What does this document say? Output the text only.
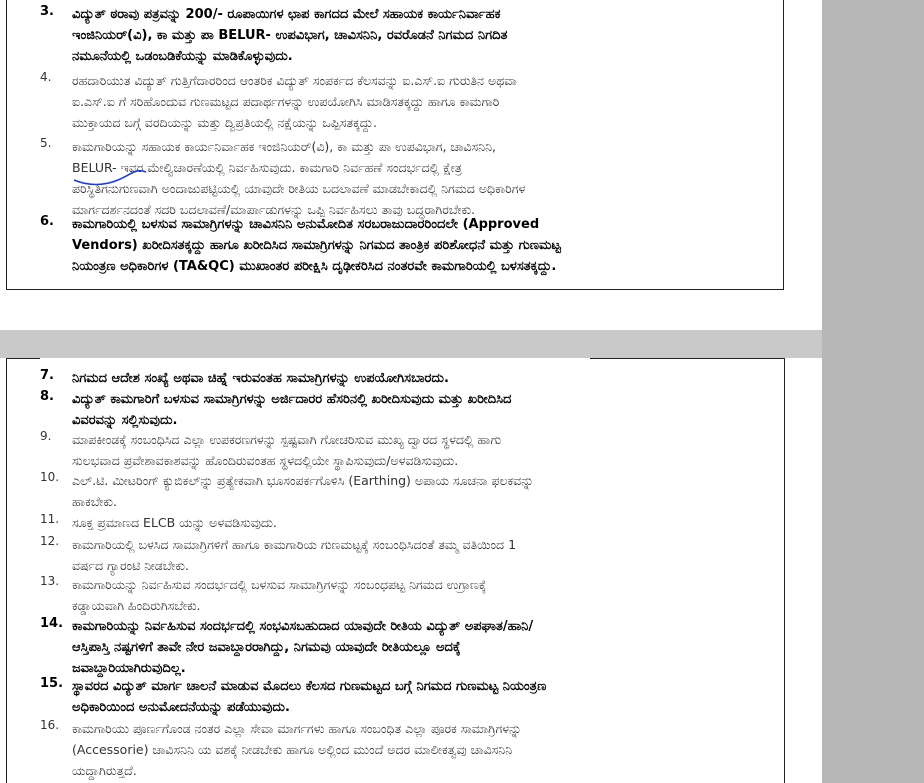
3. ವಿದ್ಯುತ್ ಠರಾವು ಪತ್ರವನ್ನು 200/- ರೂಪಾಯಿಗಳ ಛಾಪ ಕಾಗದದ ಮೇಲೆ ಸಹಾಯಕ ಕಾರ್ಯನಿರ್ವಾಹಕ
ಇಂಜಿನಿಯರ್(ವಿ), ಕಾ ಮತ್ತು ಪಾ BELUR- ಉಪವಿಭಾಗ, ಚಾವಿಸನಿನಿ, ರವರೊಡನೆ ನಿಗಮದ ನಿಗದಿತ
ನಮೂನೆಯಲ್ಲಿ ಒಡಂಬಡಿಕೆಯನ್ನು ಮಾಡಿಕೊಳ್ಳುವುದು.
4. ರಹದಾರಿಯುತ ವಿದ್ಯುತ್ ಗುತ್ತಿಗೆದಾರರಿಂದ ಆಂತರಿಕ ವಿದ್ಯುತ್ ಸಂಪರ್ಕದ ಕೆಲಸವನ್ನು ಐ.ಎಸ್.ಐ ಗುರುತಿನ ಅಥವಾ
ಐ.ಎಸ್.ಐ ಗೆ ಸರಿಹೊಂದುವ ಗುಣಮಟ್ಟದ ಪದಾರ್ಥಗಳನ್ನು ಉಪಯೋಗಿಸಿ ಮಾಡಿಸತಕ್ಕದ್ದು ಹಾಗೂ ಕಾಮಗಾರಿ
ಮುಕ್ತಾಯದ ಬಗ್ಗೆ ವರದಿಯನ್ನು ಮತ್ತು ದ್ವಿಪ್ರತಿಯಲ್ಲಿ ನಕ್ಷೆಯನ್ನು ಒಪ್ಪಿಸತಕ್ಕದ್ದು.
5. ಕಾಮಗಾರಿಯನ್ನು ಸಹಾಯಕ ಕಾರ್ಯನಿರ್ವಾಹಕ ಇಂಜಿನಿಯರ್(ವಿ), ಕಾ ಮತ್ತು ಪಾ ಉಪವಿಭಾಗ, ಚಾವಿಸನಿನಿ,
BELUR- ಇವರ ಮೇಲ್ವಿಚಾರಣೆಯಲ್ಲಿ ನಿರ್ವಹಿಸುವುದು. ಕಾಮಗಾರಿ ನಿರ್ವಹಣೆ ಸಂದರ್ಭದಲ್ಲಿ ಕ್ಷೇತ್ರ
ಪರಿಸ್ಥಿತಿಗನುಗುಣವಾಗಿ ಅಂದಾಜುಪಟ್ಟಿಯಲ್ಲಿ ಯಾವುದೇ ರೀತಿಯ ಬದಲಾವಣೆ ಮಾಡಬೇಕಾದಲ್ಲಿ ನಿಗಮದ ಅಧಿಕಾರಿಗಳ
ಮಾರ್ಗದರ್ಶನದಂತೆ ಸದರಿ ಬದಲಾವಣೆ/ಮಾರ್ಪಾಡುಗಳನ್ನು ಒಪ್ಪಿ ನಿರ್ವಹಿಸಲು ತಾವು ಬದ್ಧರಾಗಿರಬೇಕು.
6. ಕಾಮಗಾರಿಯಲ್ಲಿ ಬಳಸುವ ಸಾಮಾಗ್ರಿಗಳನ್ನು ಚಾವಿಸನಿನಿ ಅನುಮೋದಿತ ಸರಬರಾಜುದಾರರಿಂದಲೇ (Approved
Vendors) ಖರೀದಿಸತಕ್ಕದ್ದು ಹಾಗೂ ಖರೀದಿಸಿದ ಸಾಮಾಗ್ರಿಗಳನ್ನು ನಿಗಮದ ತಾಂತ್ರಿಕ ಪರಿಶೋಧನೆ ಮತ್ತು ಗುಣಮಟ್ಟ
ನಿಯಂತ್ರಣ ಅಧಿಕಾರಿಗಳ (TA&QC) ಮುಖಾಂತರ ಪರೀಕ್ಷಿಸಿ ದೃಢೀಕರಿಸಿದ ನಂತರವೇ ಕಾಮಗಾರಿಯಲ್ಲಿ ಬಳಸತಕ್ಕದ್ದು.
7. ನಿಗಮದ ಆದೇಶ ಸಂಖ್ಯೆ ಅಥವಾ ಚಿಹ್ನೆ ಇರುವಂತಹ ಸಾಮಾಗ್ರಿಗಳನ್ನು ಉಪಯೋಗಿಸಬಾರದು.
8. ವಿದ್ಯುತ್ ಕಾಮಗಾರಿಗೆ ಬಳಸುವ ಸಾಮಾಗ್ರಿಗಳನ್ನು ಅರ್ಜಿದಾರರ ಹೆಸರಿನಲ್ಲಿ ಖರೀದಿಸುವುದು ಮತ್ತು ಖರೀದಿಸಿದ
ವಿವರವನ್ನು ಸಲ್ಲಿಸುವುದು.
9. ಮಾಪಕೀಂಡಕ್ಕೆ ಸಂಬಂಧಿಸಿದ ಎಲ್ಲಾ ಉಪಕರಣಗಳನ್ನು ಸ್ಪಷ್ಟವಾಗಿ ಗೋಚರಿಸುವ ಮುಖ್ಯ ದ್ವಾರದ ಸ್ಥಳದಲ್ಲಿ ಹಾಗು
ಸುಲಭವಾದ ಪ್ರವೇಶಾವಕಾಶವನ್ನು ಹೊಂದಿರುವಂತಹ ಸ್ಥಳದಲ್ಲಿಯೇ ಸ್ಥಾಪಿಸುವುದು/ಅಳವಡಿಸುವುದು.
10. ಎಲ್.ಟಿ. ಮೀಟರಿಂಗ್ ಕ್ಯುಬಿಕಲ್‌ನ್ನು ಪ್ರತ್ಯೇಕವಾಗಿ ಭೂಸಂಪರ್ಕಗೊಳಿಸಿ (Earthing) ಅಪಾಯ ಸೂಚನಾ ಫಲಕವನ್ನು
ಹಾಕಬೇಕು.
11. ಸೂಕ್ತ ಪ್ರಮಾಣದ ELCB ಯನ್ನು ಅಳವಡಿಸುವುದು.
12. ಕಾಮಗಾರಿಯಲ್ಲಿ ಬಳಸಿದ ಸಾಮಾಗ್ರಿಗಳಿಗೆ ಹಾಗೂ ಕಾಮಗಾರಿಯ ಗುಣಮಟ್ಟಕ್ಕೆ ಸಂಬಂಧಿಸಿದಂತೆ ತಮ್ಮ ವತಿಯಿಂದ 1
ವರ್ಷದ ಗ್ಯಾರಂಟಿ ನೀಡಬೇಕು.
13. ಕಾಮಗಾರಿಯನ್ನು ನಿರ್ವಹಿಸುವ ಸಂದರ್ಭದಲ್ಲಿ ಬಳಸುವ ಸಾಮಾಗ್ರಿಗಳನ್ನು ಸಂಬಂಧಪಟ್ಟ ನಿಗಮದ ಉಗ್ರಾಣಕ್ಕೆ
ಕಡ್ಡಾಯವಾಗಿ ಹಿಂದಿರುಗಿಸಬೇಕು.
14. ಕಾಮಗಾರಿಯನ್ನು ನಿರ್ವಹಿಸುವ ಸಂದರ್ಭದಲ್ಲಿ ಸಂಭವಿಸಬಹುದಾದ ಯಾವುದೇ ರೀತಿಯ ವಿದ್ಯುತ್ ಅಪಘಾತ/ಹಾನಿ/
ಆಸ್ತಿಪಾಸ್ತಿ ನಷ್ಟಗಳಿಗೆ ತಾವೇ ನೇರ ಜವಾಬ್ದಾರರಾಗಿದ್ದು, ನಿಗಮವು ಯಾವುದೇ ರೀತಿಯಲ್ಲೂ ಅದಕ್ಕೆ
ಜವಾಬ್ದಾರಿಯಾಗಿರುವುದಿಲ್ಲ.
15. ಸ್ಥಾವರದ ವಿದ್ಯುತ್ ಮಾರ್ಗ ಚಾಲನೆ ಮಾಡುವ ಮೊದಲು ಕೆಲಸದ ಗುಣಮಟ್ಟದ ಬಗ್ಗೆ ನಿಗಮದ ಗುಣಮಟ್ಟ ನಿಯಂತ್ರಣ
ಅಧಿಕಾರಿಯಿಂದ ಅನುಮೋದನೆಯನ್ನು ಪಡೆಯುವುದು.
16. ಕಾಮಗಾರಿಯು ಪೂರ್ಣಗೊಂಡ ನಂತರ ಎಲ್ಲಾ ಸೇವಾ ಮಾರ್ಗಗಳು ಹಾಗೂ ಸಂಬಂಧಿತ ಎಲ್ಲಾ ಪೂರಕ ಸಾಮಾಗ್ರಿಗಳನ್ನು
(Accessorie) ಚಾವಿಸನಿನಿ ಯ ವಶಕ್ಕೆ ನೀಡಬೇಕು ಹಾಗೂ ಅಲ್ಲಿಂದ ಮುಂದೆ ಅದರ ಮಾಲೀಕತ್ವವು ಚಾವಿಸನಿನಿ
ಯದ್ದಾಗಿರುತ್ತದೆ.
